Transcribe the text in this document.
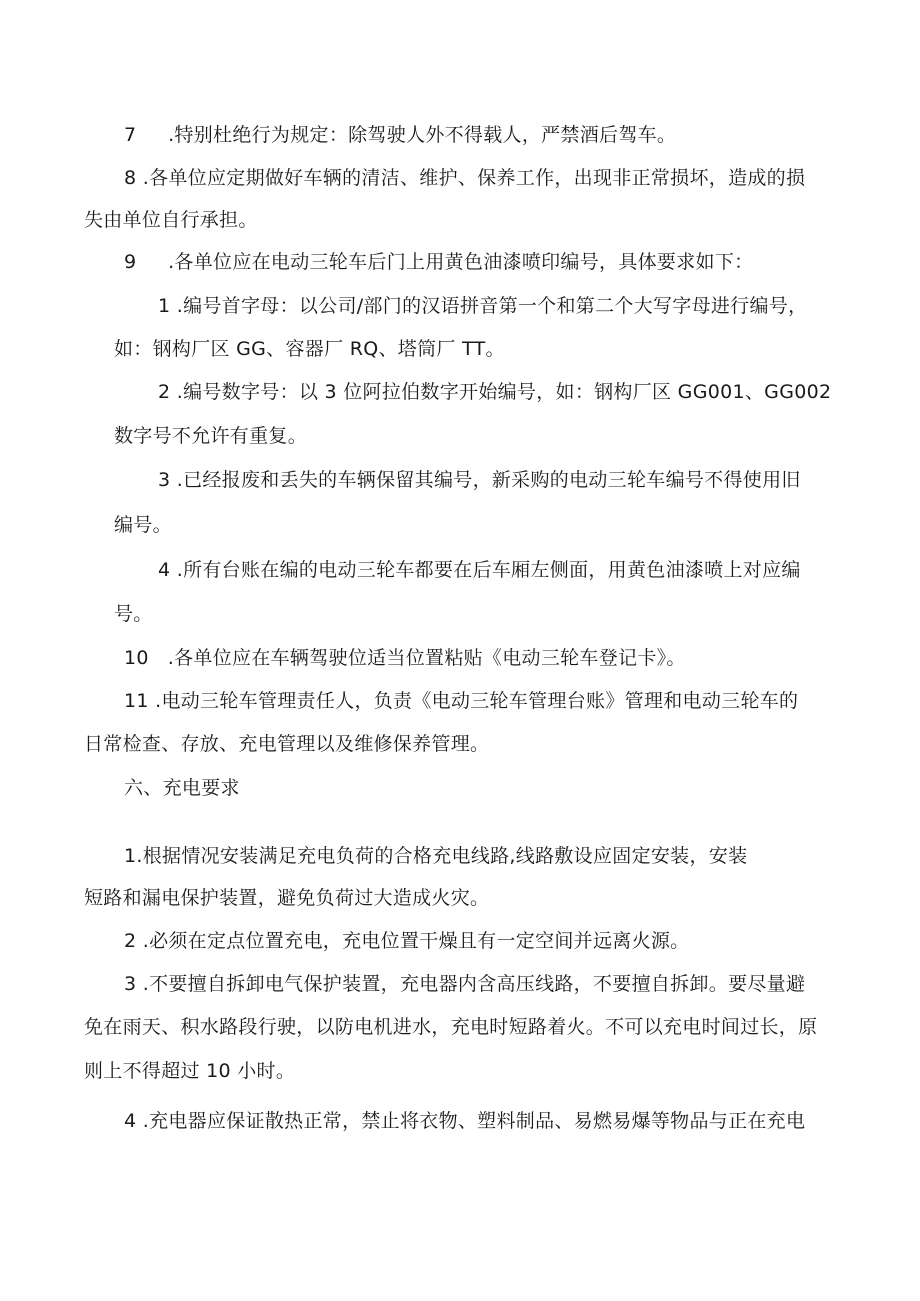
7     .特别杜绝行为规定：除驾驶人外不得载人，严禁酒后驾车。
8 .各单位应定期做好车辆的清洁、维护、保养工作，出现非正常损坏，造成的损
失由单位自行承担。
9     .各单位应在电动三轮车后门上用黄色油漆喷印编号，具体要求如下：
1 .编号首字母：以公司/部门的汉语拼音第一个和第二个大写字母进行编号，
如：钢构厂区 GG、容器厂 RQ、塔筒厂 TT。
2 .编号数字号：以 3 位阿拉伯数字开始编号，如：钢构厂区 GG001、GG002
数字号不允许有重复。
3 .已经报废和丢失的车辆保留其编号，新采购的电动三轮车编号不得使用旧
编号。
4 .所有台账在编的电动三轮车都要在后车厢左侧面，用黄色油漆喷上对应编
号。
10   .各单位应在车辆驾驶位适当位置粘贴《电动三轮车登记卡》。
11 .电动三轮车管理责任人，负责《电动三轮车管理台账》管理和电动三轮车的
日常检查、存放、充电管理以及维修保养管理。
六、充电要求
1.根据情况安装满足充电负荷的合格充电线路,线路敷设应固定安装，安装
短路和漏电保护装置，避免负荷过大造成火灾。
2 .必须在定点位置充电，充电位置干燥且有一定空间并远离火源。
3 .不要擅自拆卸电气保护装置，充电器内含高压线路，不要擅自拆卸。要尽量避
免在雨天、积水路段行驶，以防电机进水，充电时短路着火。不可以充电时间过长，原
则上不得超过 10 小时。
4 .充电器应保证散热正常，禁止将衣物、塑料制品、易燃易爆等物品与正在充电
